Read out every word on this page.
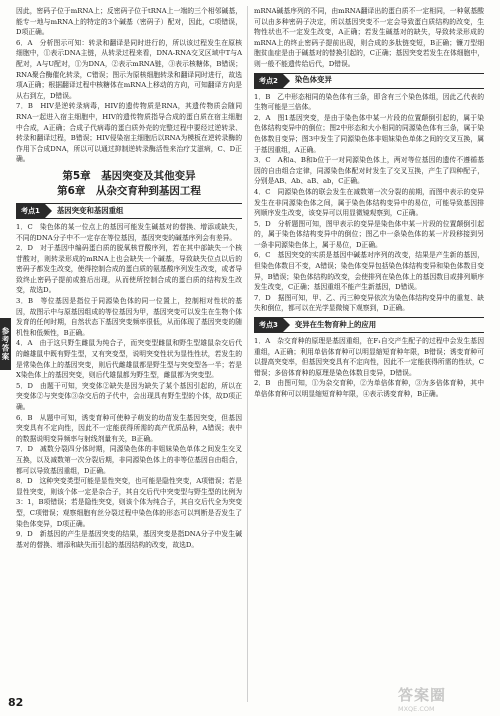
因此，密码子位于mRNA上；反密码子位于tRNA上一端的三个相邻碱基，能专一地与mRNA上的特定的3个碱基（密码子）配对，因此，C项错误，D项正确。

6．A　分析图示可知：转录和翻译是同时进行的，所以该过程发生在原核细胞中，①表示DNA主链，从转录过程来看，DNA-RNA交叉区域中T与A配对，A与U配对，①为DNA，②表示mRNA链，③表示核糖体，B错误；RNA聚合酶催化转录，C错误；图示为原核细胞转录和翻译同时进行，故选项A正确；根据翻译过程中核糖体在mRNA上移动的方向，可知翻译方向是从右到左，D错误。

7．B　HIV是逆转录病毒，HIV的遗传物质是RNA，其遗传物质会随同RNA一起进入宿主细胞中，HIV的遗传物质指导合成的蛋白质在宿主细胞中合成，A正确；合成子代病毒的蛋白质外壳的完整过程中要经过逆转录、转录和翻译过程，B错误；HIV侵染宿主细胞后以RNA为模板在逆转录酶的作用下合成DNA，所以可以通过抑制逆转录酶活性来治疗艾滋病，C、D正确。

第5章　基因突变及其他变异
第6章　从杂交育种到基因工程
考点1	基因突变和基因重组

1．C　染色体的某一位点上的基因可能发生碱基对的替换、增添或缺失，不同的DNA分子中不一定存在等位基因，基因突变的碱基序列会有差异。

2．D　对于基因中编码蛋白质的脱氧核苷酸序列，若在其中部缺失一个核苷酸对，则转录形成的mRNA上也会缺失一个碱基，导致缺失位点以后的密码子都发生改变，使得控制合成的蛋白质的氨基酸序列发生改变，或者导致终止密码子提前或推后出现，从而使所控制合成的蛋白质的结构发生改变，故选D。

3．B　等位基因是指位于同源染色体的同一位置上，控制相对性状的基因，故图示中与原基因组成的等位基因为甲，基因突变可以发生在生物个体发育的任何时期，自然状态下基因突变频率很低，从而体现了基因突变的随机性和低频性，B正确。

4．A　由于这只野生雌鼠为纯合子，而突变型雌鼠和野生型雄鼠杂交后代的雌雄鼠中既有野生型，又有突变型，说明突变性状为显性性状，若发生的是常染色体上的基因突变，则后代雌雄鼠都是野生型与突变型各一半；若是X染色体上的基因突变，则后代雄鼠都为野生型，雌鼠都为突变型。

5．D　由题干可知，突变体②缺失是因为缺失了某个基因引起的，所以在突变体②与突变体③杂交后的子代中，会出现具有野生型的个体，故D项正确。

6．B　从题中可知，诱变育种可使种子萌发的幼苗发生基因突变，但基因突变具有不定向性，因此不一定能获得所需的高产优质品种，A错误；表中的数据说明变异频率与射线剂量有关，B正确。

7．D　减数分裂四分体时期，同源染色体的非姐妹染色单体之间发生交叉互换，以及减数第一次分裂后期，非同源染色体上的非等位基因自由组合，都可以导致基因重组，D正确。

8．D　这种突变类型可能是显性突变，也可能是隐性突变，A项错误；若是显性突变，则该个体一定是杂合子，其自交后代中突变型与野生型的比例为3：1，B项错误；若是隐性突变，则该个体为纯合子，其自交后代全为突变型，C项错误；观察细胞有丝分裂过程中染色体的形态可以判断是否发生了染色体变异，D项正确。

9．D　新基因的产生是基因突变的结果，基因突变是指DNA分子中发生碱基对的替换、增添和缺失而引起的基因结构的改变，故选D。

mRNA碱基序列的不同，由mRNA翻译出的蛋白质不一定相同，一种氨基酸可以由多种密码子决定，所以基因突变不一定会导致蛋白质结构的改变，生物性状也不一定发生改变，A正确；若发生碱基对的缺失，导致转录形成的mRNA上的终止密码子提前出现，则合成的多肽链变短，B正确；镰刀型细胞贫血症是由于碱基对的替换引起的，C正确；基因突变若发生在体细胞中，则一般不能遗传给后代，D错误。

考点2	染色体变异

1．B　乙中形态相同的染色体有三条，即含有三个染色体组，因此乙代表的生物可能是三倍体。

2．A　图1基因突变，是由于染色体中某一片段的位置颠倒引起的，属于染色体结构变异中的倒位；图2中形态和大小相同的同源染色体有三条，属于染色体数目变异；图3中发生了同源染色体非姐妹染色单体之间的交叉互换，属于基因重组，A正确。

3．C　A和a、B和b位于一对同源染色体上，两对等位基因的遗传不遵循基因的自由组合定律，同源染色体配对时发生了交叉互换，产生了四种配子，分别是AB、Ab、aB、ab，C正确。

4．C　同源染色体的联会发生在减数第一次分裂的前期，而图中表示的变异发生在非同源染色体之间，属于染色体结构变异中的易位，可能导致基因排列顺序发生改变，该变异可以用显微镜观察到，C正确。

5．D　分析题图可知，图甲表示的变异是染色体中某一片段的位置颠倒引起的，属于染色体结构变异中的倒位；图乙中一条染色体的某一片段移接到另一条非同源染色体上，属于易位，D正确。

6．C　基因突变的实质是基因中碱基对序列的改变，结果是产生新的基因，但染色体数目不变，A错误；染色体变异包括染色体结构变异和染色体数目变异，B错误；染色体结构的改变，会使排列在染色体上的基因数目或排列顺序发生改变，C正确；基因重组不能产生新基因，D错误。

7．D　据图可知，甲、乙、丙三种变异依次为染色体结构变异中的重复、缺失和倒位，都可以在光学显微镜下观察到，D正确。

考点3	变异在生物育种上的应用

1．A　杂交育种的原理是基因重组，在F₁自交产生配子的过程中会发生基因重组，A正确；利用单倍体育种可以明显缩短育种年限，B错误；诱变育种可以提高突变率，但基因突变具有不定向性，因此不一定能获得所需的性状，C错误；多倍体育种的原理是染色体数目变异，D错误。

2．B　由图可知，①为杂交育种，②为单倍体育种，③为多倍体育种，其中单倍体育种可以明显缩短育种年限，④表示诱变育种，B正确。

参考答案
82	答案圈
MXQE.COM
